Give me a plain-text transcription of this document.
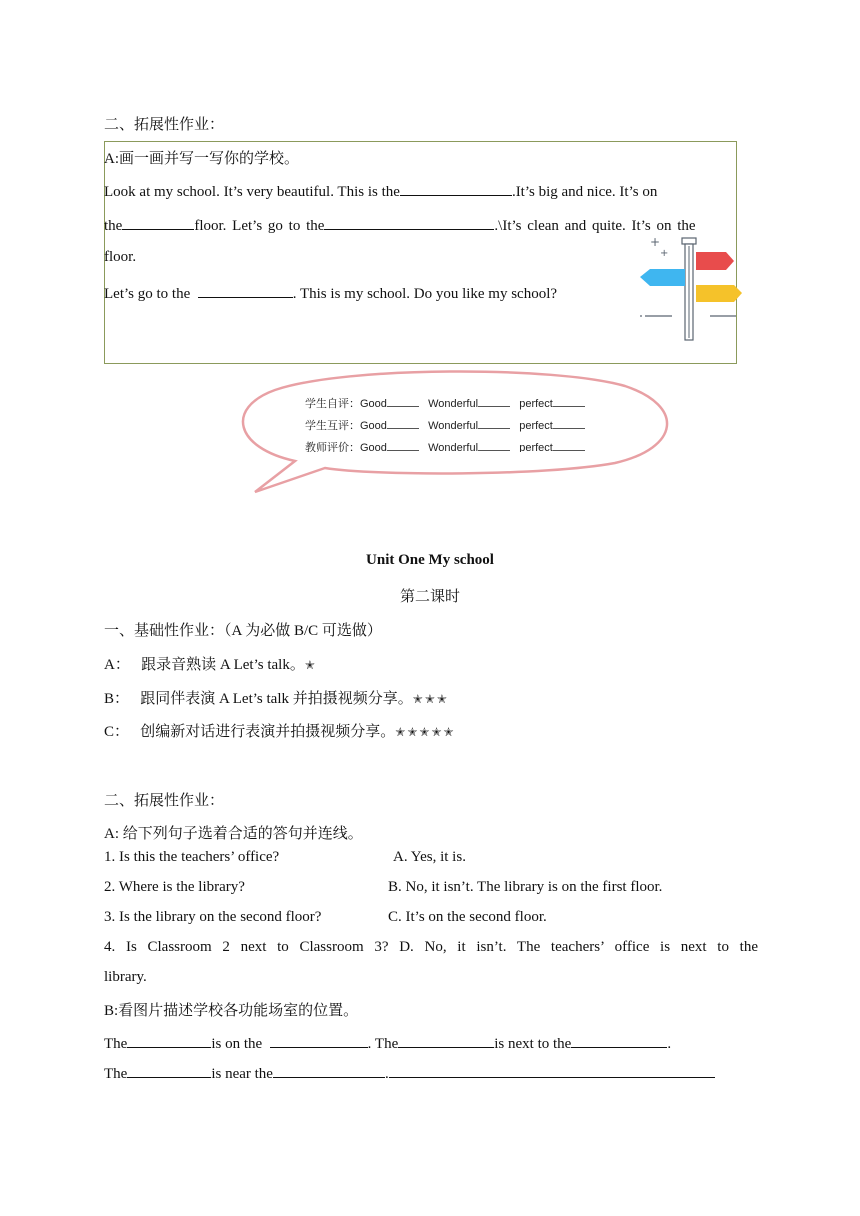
二、拓展性作业：
A:画一画并写一写你的学校。
Look at my school. It’s very beautiful. This is the	.It’s big and nice. It’s on
the	floor. Let’s go to the	.\It’s clean and quite. It’s on the
floor.
Let’s go to the	. This is my school. Do you like my school?
+
+
学生自评：Good	Wonderful	perfect
学生互评：Good	Wonderful	perfect
教师评价：Good	Wonderful	perfect
Unit One My school
第二课时
一、基础性作业：（A 为必做 B/C 可选做）
A： 跟录音熟读 A Let’s talk。✭
B： 跟同伴表演 A Let’s talk 并拍摄视频分享。✭✭✭
C： 创编新对话进行表演并拍摄视频分享。✭✭✭✭✭
二、拓展性作业：
A: 给下列句子选着合适的答句并连线。
1. Is this the teachers’ office?	A. Yes, it is.
2. Where is the library?	B. No, it isn’t. The library is on the first floor.
3. Is the library on the second floor?	C. It’s on the second floor.
4. Is Classroom 2 next to Classroom 3? D. No, it isn’t. The teachers’ office is next to the
library.
B:看图片描述学校各功能场室的位置。
The	is on the	. The	is next to the	.
The	is near the	.
